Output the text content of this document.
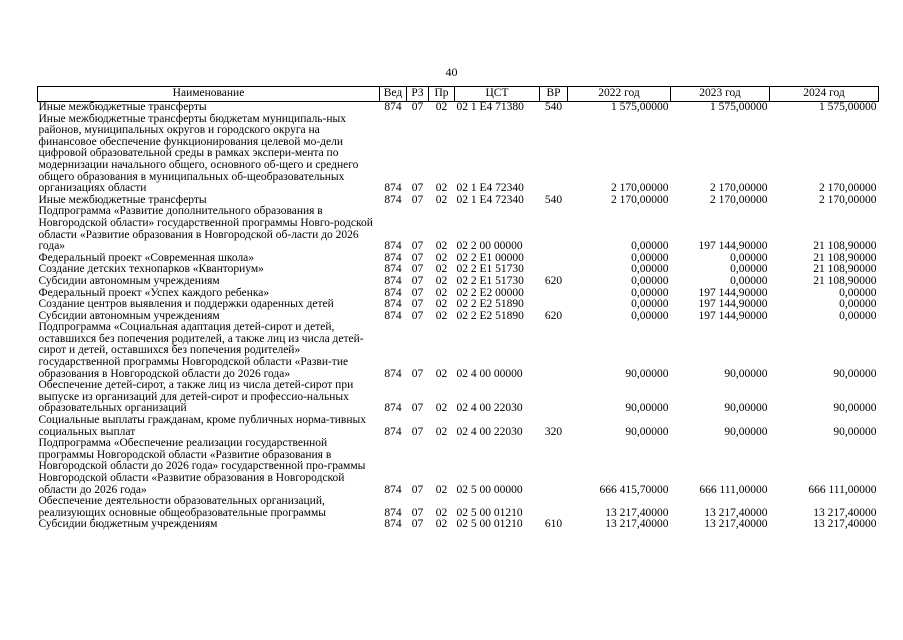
40
Наименование	Вед	РЗ	Пр	ЦСТ	ВР	2022 год	2023 год	2024 год
Иные межбюджетные трансферты	874	07	02	02 1 Е4 71380	540	1 575,00000	1 575,00000	1 575,00000
Иные межбюджетные трансферты бюджетам муниципаль-ных районов, муниципальных округов и городского округа на финансовое обеспечение функционирования целевой мо-дели цифровой образовательной среды в рамках экспери-мента по модернизации начального общего, основного об-щего и среднего общего образования в муниципальных об-щеобразовательных организациях области	874	07	02	02 1 Е4 72340		2 170,00000	2 170,00000	2 170,00000
Иные межбюджетные трансферты	874	07	02	02 1 Е4 72340	540	2 170,00000	2 170,00000	2 170,00000
Подпрограмма «Развитие дополнительного образования в Новгородской области» государственной программы Новго-родской области «Развитие образования в Новгородской об-ласти до 2026 года»	874	07	02	02 2 00 00000		0,00000	197 144,90000	21 108,90000
Федеральный проект «Современная школа»	874	07	02	02 2 Е1 00000		0,00000	0,00000	21 108,90000
Создание детских технопарков «Кванториум»	874	07	02	02 2 Е1 51730		0,00000	0,00000	21 108,90000
Субсидии автономным учреждениям	874	07	02	02 2 Е1 51730	620	0,00000	0,00000	21 108,90000
Федеральный проект «Успех каждого ребенка»	874	07	02	02 2 Е2 00000		0,00000	197 144,90000	0,00000
Создание центров выявления и поддержки одаренных детей	874	07	02	02 2 Е2 51890		0,00000	197 144,90000	0,00000
Субсидии автономным учреждениям	874	07	02	02 2 Е2 51890	620	0,00000	197 144,90000	0,00000
Подпрограмма «Социальная адаптация детей-сирот и детей, оставшихся без попечения родителей, а также лиц из числа детей-сирот и детей, оставшихся без попечения родителей» государственной программы Новгородской области «Разви-тие образования в Новгородской области до 2026 года»	874	07	02	02 4 00 00000		90,00000	90,00000	90,00000
Обеспечение детей-сирот, а также лиц из числа детей-сирот при выпуске из организаций для детей-сирот и профессио-нальных образовательных организаций	874	07	02	02 4 00 22030		90,00000	90,00000	90,00000
Социальные выплаты гражданам, кроме публичных норма-тивных социальных выплат	874	07	02	02 4 00 22030	320	90,00000	90,00000	90,00000
Подпрограмма «Обеспечение реализации государственной программы Новгородской области «Развитие образования в Новгородской области до 2026 года» государственной про-граммы Новгородской области «Развитие образования в Новгородской области до 2026 года»	874	07	02	02 5 00 00000		666 415,70000	666 111,00000	666 111,00000
Обеспечение деятельности образовательных организаций, реализующих основные общеобразовательные программы	874	07	02	02 5 00 01210		13 217,40000	13 217,40000	13 217,40000
Субсидии бюджетным учреждениям	874	07	02	02 5 00 01210	610	13 217,40000	13 217,40000	13 217,40000
